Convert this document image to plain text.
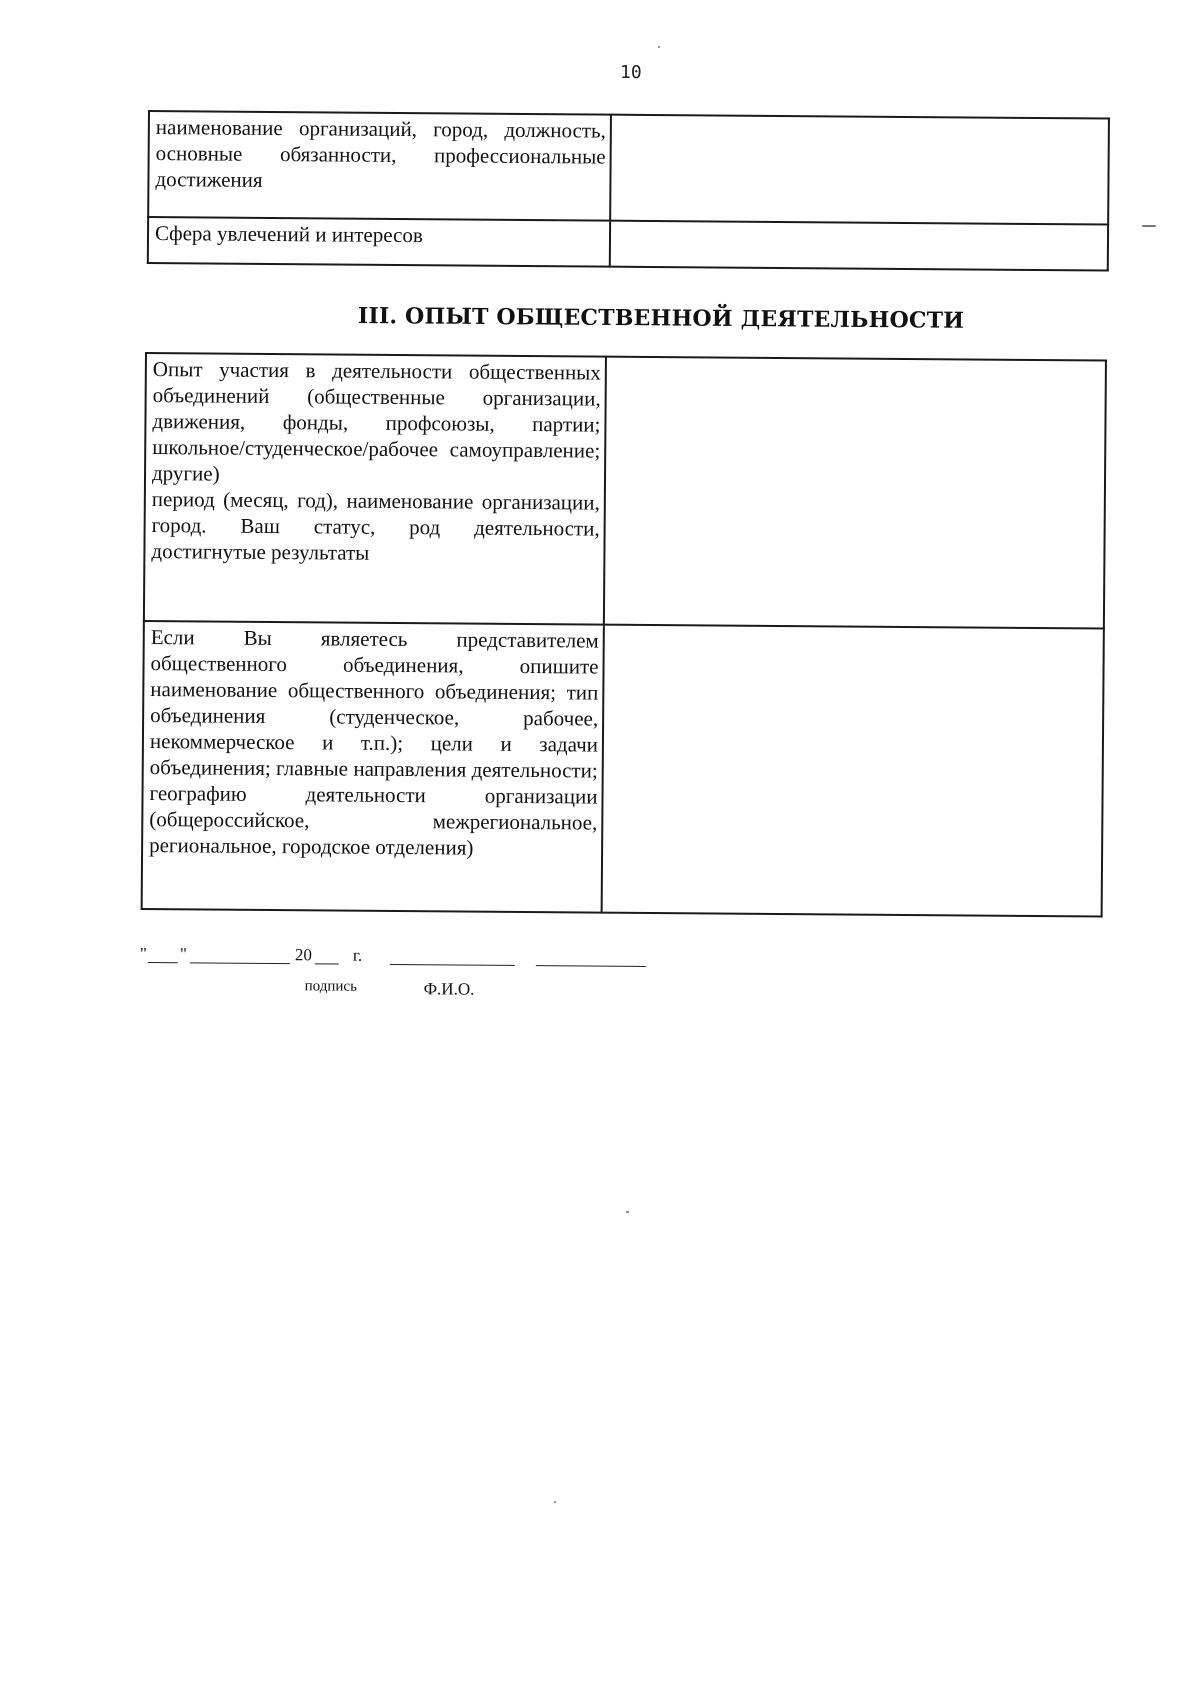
10
наименование организаций, город, должность, основные обязанности, профессиональные достижения	
Сфера увлечений и интересов	
III. ОПЫТ ОБЩЕСТВЕННОЙ ДЕЯТЕЛЬНОСТИ
Опыт участия в деятельности общественных объединений (общественные организации, движения, фонды, профсоюзы, партии; школьное/студенческое/рабочее самоуправление; другие)
период (месяц, год), наименование организации, город. Ваш статус, род деятельности, достигнутые результаты	

Если Вы являетесь представителем общественного объединения, опишите наименование общественного объединения; тип объединения (студенческое, рабочее, некоммерческое и т.п.); цели и задачи объединения; главные направления деятельности; географию деятельности организации (общероссийское, межрегиональное, региональное, городское отделения)	
" "	20 г.
подпись	Ф.И.О.
